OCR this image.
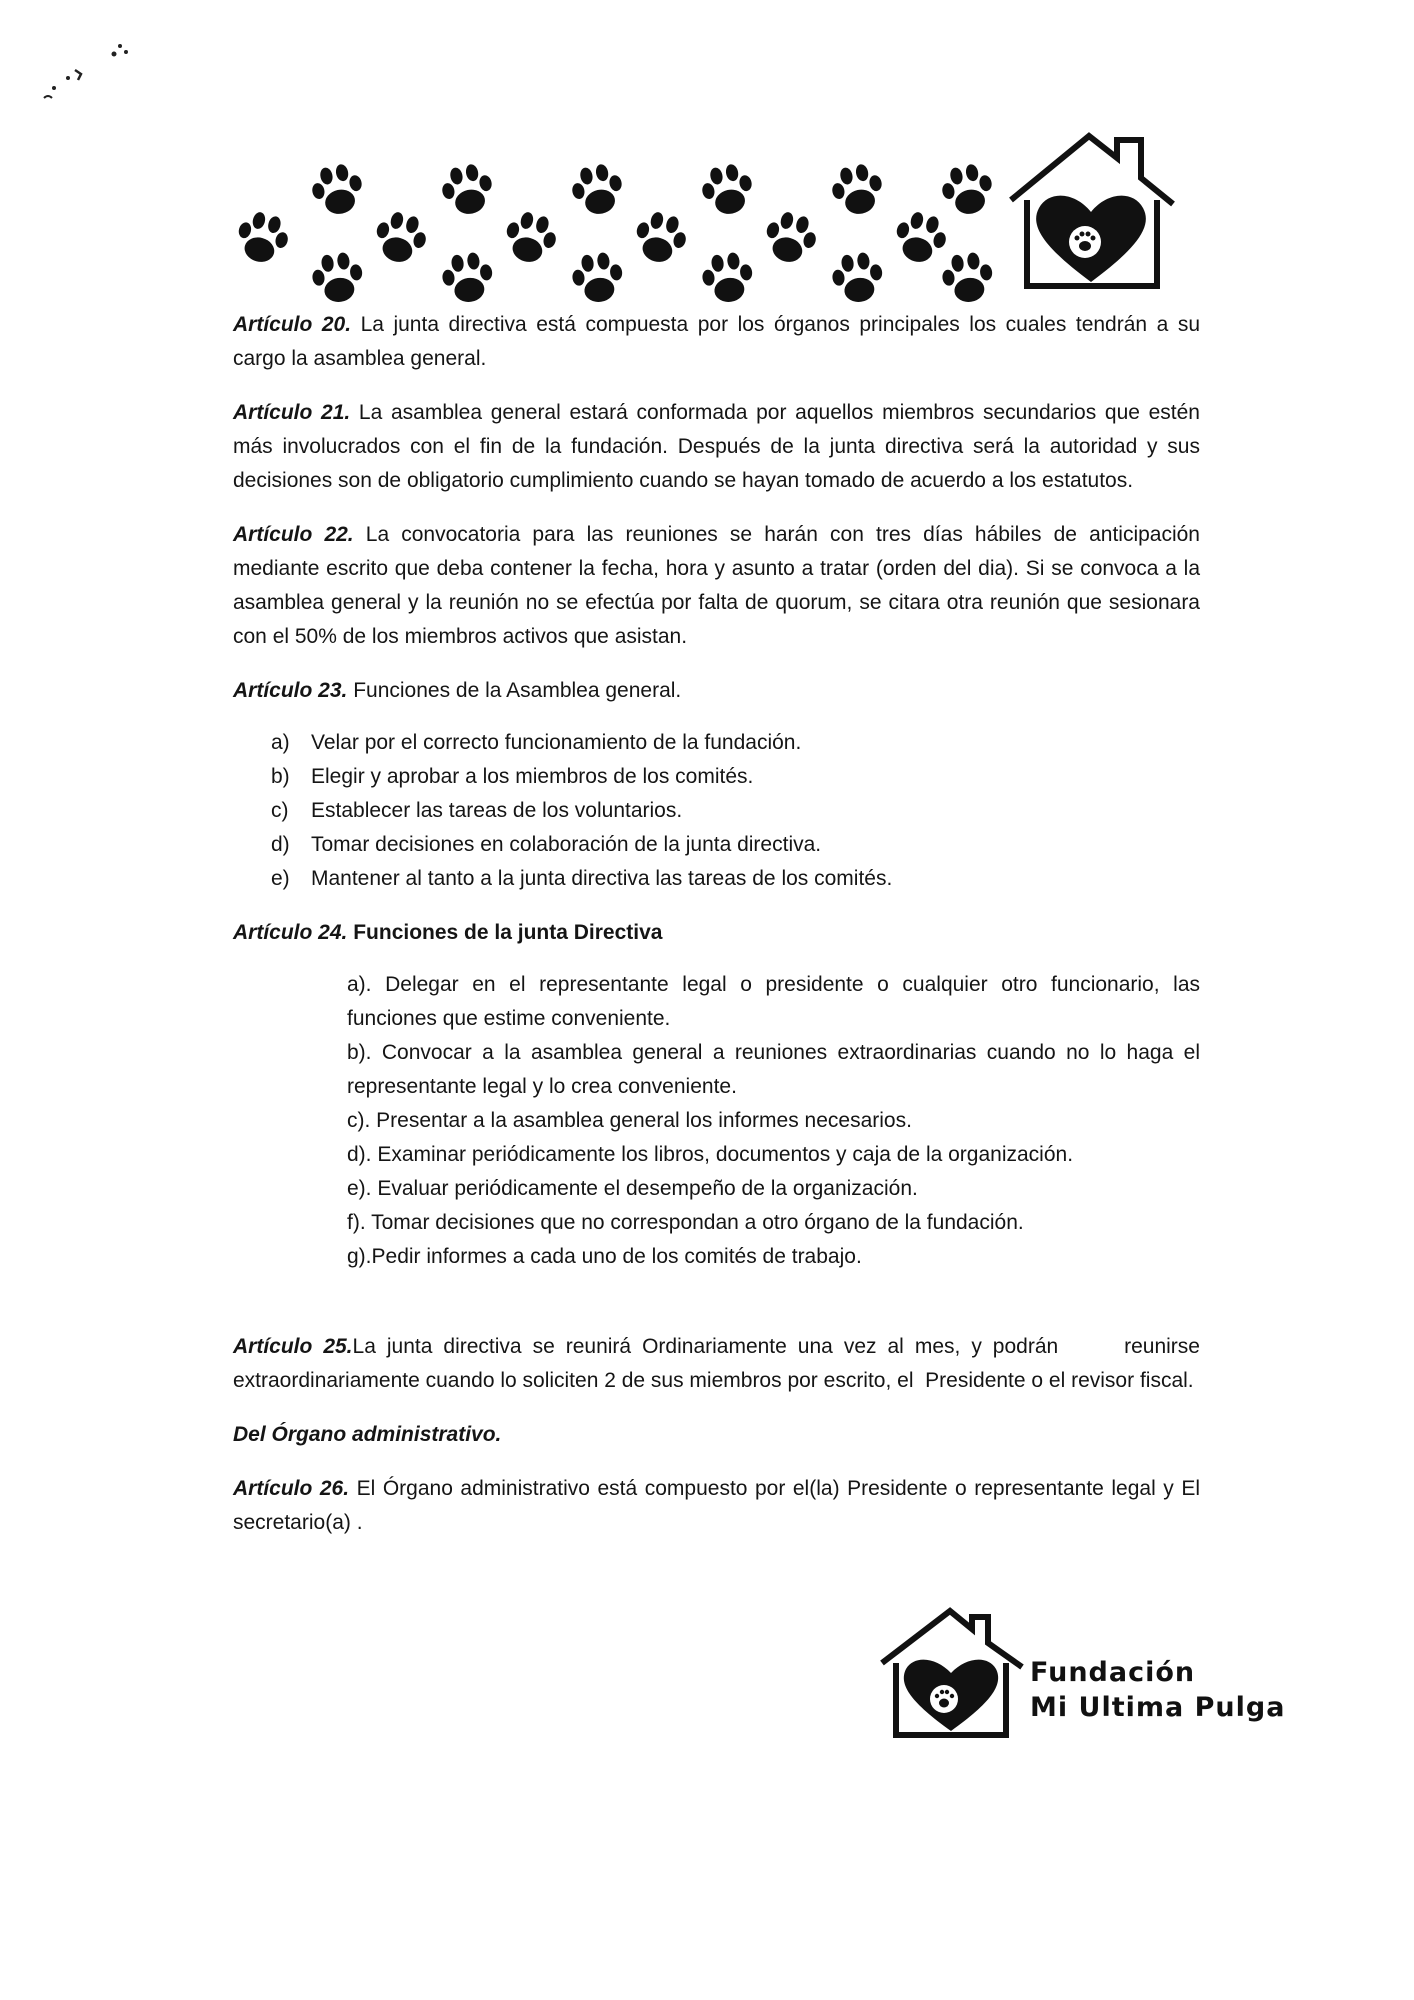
Artículo 20. La junta directiva está compuesta por los órganos principales los cuales tendrán a su cargo la asamblea general.

Artículo 21. La asamblea general estará conformada por aquellos miembros secundarios que estén más involucrados con el fin de la fundación. Después de la junta directiva será la autoridad y sus decisiones son de obligatorio cumplimiento cuando se hayan tomado de acuerdo a los estatutos.

Artículo 22. La convocatoria para las reuniones se harán con tres días hábiles de anticipación mediante escrito que deba contener la fecha, hora y asunto a tratar (orden del dia). Si se convoca a la asamblea general y la reunión no se efectúa por falta de quorum, se citara otra reunión que sesionara con el 50% de los miembros activos que asistan.

Artículo 23. Funciones de la Asamblea general.

a) Velar por el correcto funcionamiento de la fundación.
b) Elegir y aprobar a los miembros de los comités.
c) Establecer las tareas de los voluntarios.
d) Tomar decisiones en colaboración de la junta directiva.
e) Mantener al tanto a la junta directiva las tareas de los comités.

Artículo 24. Funciones de la junta Directiva

a). Delegar en el representante legal o presidente o cualquier otro funcionario, las funciones que estime conveniente.
b). Convocar a la asamblea general a reuniones extraordinarias cuando no lo haga el representante legal y lo crea conveniente.
c). Presentar a la asamblea general los informes necesarios.
d). Examinar periódicamente los libros, documentos y caja de la organización.
e). Evaluar periódicamente el desempeño de la organización.
f). Tomar decisiones que no correspondan a otro órgano de la fundación.
g).Pedir informes a cada uno de los comités de trabajo.

Artículo 25.La junta directiva se reunirá Ordinariamente una vez al mes, y podrán      reunirse extraordinariamente cuando lo soliciten 2 de sus miembros por escrito, el  Presidente o el revisor fiscal.

Del Órgano administrativo.

Artículo 26. El Órgano administrativo está compuesto por el(la) Presidente o representante legal y El secretario(a) .

Fundación
Mi Ultima Pulga
